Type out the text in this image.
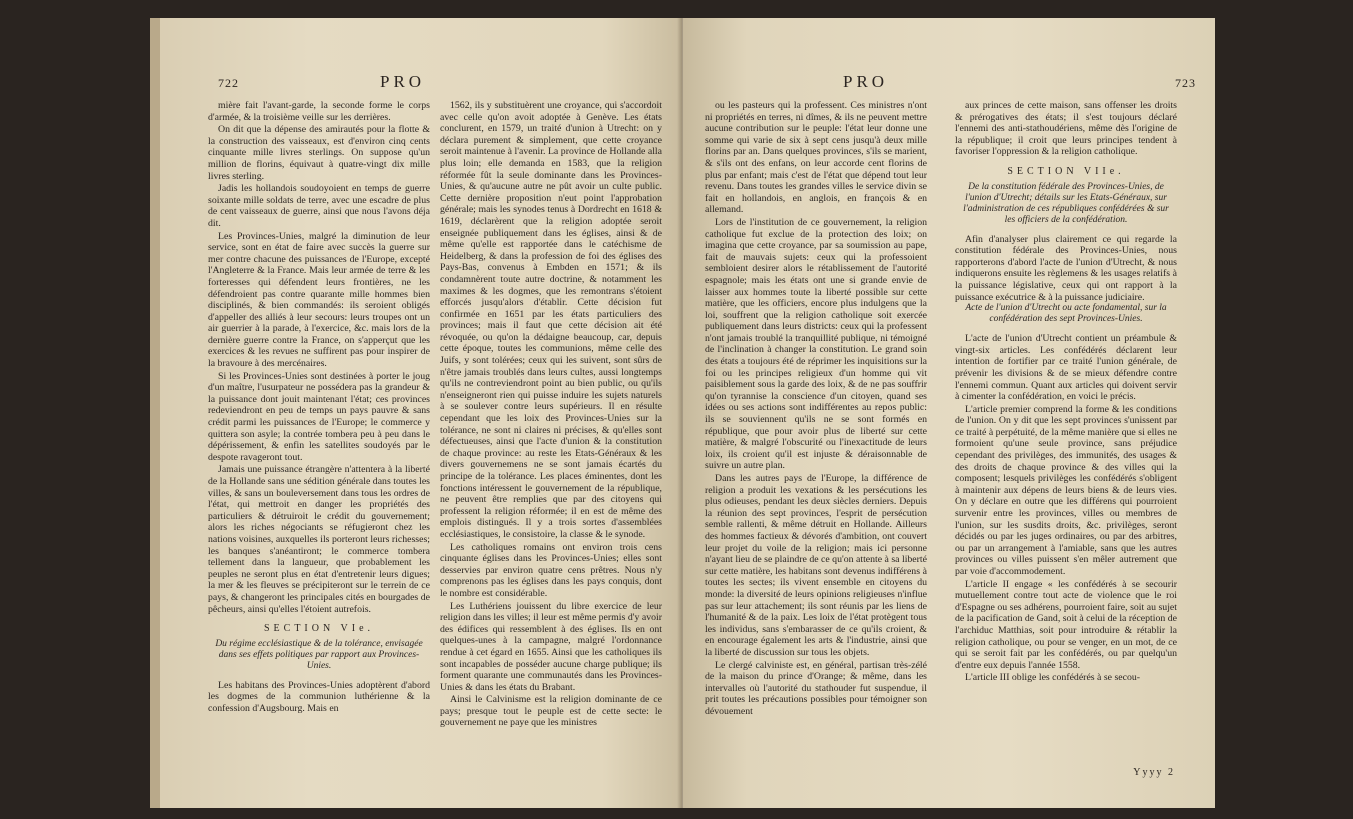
722	PRO

mière fait l'avant-garde, la seconde forme le corps d'armée, & la troisième veille sur les derrières.

On dit que la dépense des amirautés pour la flotte & la construction des vaisseaux, est d'environ cinq cents cinquante mille livres sterlings. On suppose qu'un million de florins, équivaut à quatre-vingt dix mille livres sterling.

Jadis les hollandois soudoyoient en temps de guerre soixante mille soldats de terre, avec une escadre de plus de cent vaisseaux de guerre, ainsi que nous l'avons déja dit.

Les Provinces-Unies, malgré la diminution de leur service, sont en état de faire avec succès la guerre sur mer contre chacune des puissances de l'Europe, excepté l'Angleterre & la France. Mais leur armée de terre & les forteresses qui défendent leurs frontières, ne les défendroient pas contre quarante mille hommes bien disciplinés, & bien commandés: ils seroient obligés d'appeller des alliés à leur secours: leurs troupes ont un air guerrier à la parade, à l'exercice, &c. mais lors de la dernière guerre contre la France, on s'apperçut que les exercices & les revues ne suffirent pas pour inspirer de la bravoure à des mercénaires.

Si les Provinces-Unies sont destinées à porter le joug d'un maître, l'usurpateur ne possédera pas la grandeur & la puissance dont jouit maintenant l'état; ces provinces redeviendront en peu de temps un pays pauvre & sans crédit parmi les puissances de l'Europe; le commerce y quittera son asyle; la contrée tombera peu à peu dans le dépérissement, & enfin les satellites soudoyés par le despote ravageront tout.

Jamais une puissance étrangère n'attentera à la liberté de la Hollande sans une sédition générale dans toutes les villes, & sans un bouleversement dans tous les ordres de l'état, qui mettroit en danger les propriétés des particuliers & détruiroit le crédit du gouvernement; alors les riches négociants se réfugieront chez les nations voisines, auxquelles ils porteront leurs richesses; les banques s'anéantiront; le commerce tombera tellement dans la langueur, que probablement les peuples ne seront plus en état d'entretenir leurs digues; la mer & les fleuves se précipiteront sur le terrein de ce pays, & changeront les principales cités en bourgades de pêcheurs, ainsi qu'elles l'étoient autrefois.

SECTION VIe.
Du régime ecclésiastique & de la tolérance, envisagée dans ses effets politiques par rapport aux Provinces-Unies.

Les habitans des Provinces-Unies adoptèrent d'abord les dogmes de la communion luthérienne & la confession d'Augsbourg. Mais en

1562, ils y substituèrent une croyance, qui s'accordoit avec celle qu'on avoit adoptée à Genève. Les états conclurent, en 1579, un traité d'union à Utrecht: on y déclara purement & simplement, que cette croyance seroit maintenue à l'avenir. La province de Hollande alla plus loin; elle demanda en 1583, que la religion réformée fût la seule dominante dans les Provinces-Unies, & qu'aucune autre ne pût avoir un culte public. Cette dernière proposition n'eut point l'approbation générale; mais les synodes tenus à Dordrecht en 1618 & 1619, déclarèrent que la religion adoptée seroit enseignée publiquement dans les églises, ainsi & de même qu'elle est rapportée dans le catéchisme de Heidelberg, & dans la profession de foi des églises des Pays-Bas, convenus à Embden en 1571; & ils condamnèrent toute autre doctrine, & notamment les maximes & les dogmes, que les remontrans s'étoient efforcés jusqu'alors d'établir. Cette décision fut confirmée en 1651 par les états particuliers des provinces; mais il faut que cette décision ait été révoquée, ou qu'on la dédaigne beaucoup, car, depuis cette époque, toutes les communions, même celle des Juifs, y sont tolérées; ceux qui les suivent, sont sûrs de n'être jamais troublés dans leurs cultes, aussi longtemps qu'ils ne contreviendront point au bien public, ou qu'ils n'enseigneront rien qui puisse induire les sujets naturels à se soulever contre leurs supérieurs. Il en résulte cependant que les loix des Provinces-Unies sur la tolérance, ne sont ni claires ni précises, & qu'elles sont défectueuses, ainsi que l'acte d'union & la constitution de chaque province: au reste les Etats-Généraux & les divers gouvernemens ne se sont jamais écartés du principe de la tolérance. Les places éminentes, dont les fonctions intéressent le gouvernement de la république, ne peuvent être remplies que par des citoyens qui professent la religion réformée; il en est de même des emplois distingués. Il y a trois sortes d'assemblées ecclésiastiques, le consistoire, la classe & le synode.

Les catholiques romains ont environ trois cens cinquante églises dans les Provinces-Unies; elles sont desservies par environ quatre cens prêtres. Nous n'y comprenons pas les églises dans les pays conquis, dont le nombre est considérable.

Les Luthériens jouissent du libre exercice de leur religion dans les villes; il leur est même permis d'y avoir des édifices qui ressemblent à des églises. Ils en ont quelques-unes à la campagne, malgré l'ordonnance rendue à cet égard en 1655. Ainsi que les catholiques ils sont incapables de posséder aucune charge publique; ils forment quarante une communautés dans les Provinces-Unies & dans les états du Brabant.

Ainsi le Calvinisme est la religion dominante de ce pays; presque tout le peuple est de cette secte: le gouvernement ne paye que les ministres

PRO	723

ou les pasteurs qui la professent. Ces ministres n'ont ni propriétés en terres, ni dîmes, & ils ne peuvent mettre aucune contribution sur le peuple: l'état leur donne une somme qui varie de six à sept cens jusqu'à deux mille florins par an. Dans quelques provinces, s'ils se marient, & s'ils ont des enfans, on leur accorde cent florins de plus par enfant; mais c'est de l'état que dépend tout leur revenu. Dans toutes les grandes villes le service divin se fait en hollandois, en anglois, en françois & en allemand.

Lors de l'institution de ce gouvernement, la religion catholique fut exclue de la protection des loix; on imagina que cette croyance, par sa soumission au pape, fait de mauvais sujets: ceux qui la professoient sembloient desirer alors le rétablissement de l'autorité espagnole; mais les états ont une si grande envie de laisser aux hommes toute la liberté possible sur cette matière, que les officiers, encore plus indulgens que la loi, souffrent que la religion catholique soit exercée publiquement dans leurs districts: ceux qui la professent n'ont jamais troublé la tranquillité publique, ni témoigné de l'inclination à changer la constitution. Le grand soin des états a toujours été de réprimer les inquisitions sur la foi ou les principes religieux d'un homme qui vit paisiblement sous la garde des loix, & de ne pas souffrir qu'on tyrannise la conscience d'un citoyen, quand ses idées ou ses actions sont indifférentes au repos public: ils se souviennent qu'ils ne se sont formés en république, que pour avoir plus de liberté sur cette matière, & malgré l'obscurité ou l'inexactitude de leurs loix, ils croient qu'il est injuste & déraisonnable de suivre un autre plan.

Dans les autres pays de l'Europe, la différence de religion a produit les vexations & les persécutions les plus odieuses, pendant les deux siècles derniers. Depuis la réunion des sept provinces, l'esprit de persécution semble rallenti, & même détruit en Hollande. Ailleurs des hommes factieux & dévorés d'ambition, ont couvert leur projet du voile de la religion; mais ici personne n'ayant lieu de se plaindre de ce qu'on attente à sa liberté sur cette matière, les habitans sont devenus indifférens à toutes les sectes; ils vivent ensemble en citoyens du monde: la diversité de leurs opinions religieuses n'influe pas sur leur attachement; ils sont réunis par les liens de l'humanité & de la paix. Les loix de l'état protègent tous les individus, sans s'embarasser de ce qu'ils croient, & en encourage également les arts & l'industrie, ainsi que la liberté de discussion sur tous les objets.

Le clergé calviniste est, en général, partisan très-zélé de la maison du prince d'Orange; & même, dans les intervalles où l'autorité du stathouder fut suspendue, il prit toutes les précautions possibles pour témoigner son dévouement

aux princes de cette maison, sans offenser les droits & prérogatives des états; il s'est toujours déclaré l'ennemi des anti-stathoudériens, même dès l'origine de la république; il croit que leurs principes tendent à favoriser l'oppression & la religion catholique.

SECTION VIIe.
De la constitution fédérale des Provinces-Unies, de l'union d'Utrecht; détails sur les Etats-Généraux, sur l'administration de ces républiques confédérées & sur les officiers de la confédération.

Afin d'analyser plus clairement ce qui regarde la constitution fédérale des Provinces-Unies, nous rapporterons d'abord l'acte de l'union d'Utrecht, & nous indiquerons ensuite les règlemens & les usages relatifs à la puissance législative, ceux qui ont rapport à la puissance exécutrice & à la puissance judiciaire.

Acte de l'union d'Utrecht ou acte fondamental, sur la confédération des sept Provinces-Unies.

L'acte de l'union d'Utrecht contient un préambule & vingt-six articles. Les confédérés déclarent leur intention de fortifier par ce traité l'union générale, de prévenir les divisions & de se mieux défendre contre l'ennemi commun. Quant aux articles qui doivent servir à cimenter la confédération, en voici le précis.

L'article premier comprend la forme & les conditions de l'union. On y dit que les sept provinces s'unissent par ce traité à perpétuité, de la même manière que si elles ne formoient qu'une seule province, sans préjudice cependant des privilèges, des immunités, des usages & des droits de chaque province & des villes qui la composent; lesquels privilèges les confédérés s'obligent à maintenir aux dépens de leurs biens & de leurs vies. On y déclare en outre que les différens qui pourroient survenir entre les provinces, villes ou membres de l'union, sur les susdits droits, &c. privilèges, seront décidés ou par les juges ordinaires, ou par des arbitres, ou par un arrangement à l'amiable, sans que les autres provinces ou villes puissent s'en mêler autrement que par voie d'accommodement.

L'article II engage « les confédérés à se secourir mutuellement contre tout acte de violence que le roi d'Espagne ou ses adhérens, pourroient faire, soit au sujet de la pacification de Gand, soit à celui de la réception de l'archiduc Matthias, soit pour introduire & rétablir la religion catholique, ou pour se venger, en un mot, de ce qui se seroit fait par les confédérés, ou par quelqu'un d'entre eux depuis l'année 1558.

L'article III oblige les confédérés à se secou-

Yyyy 2
